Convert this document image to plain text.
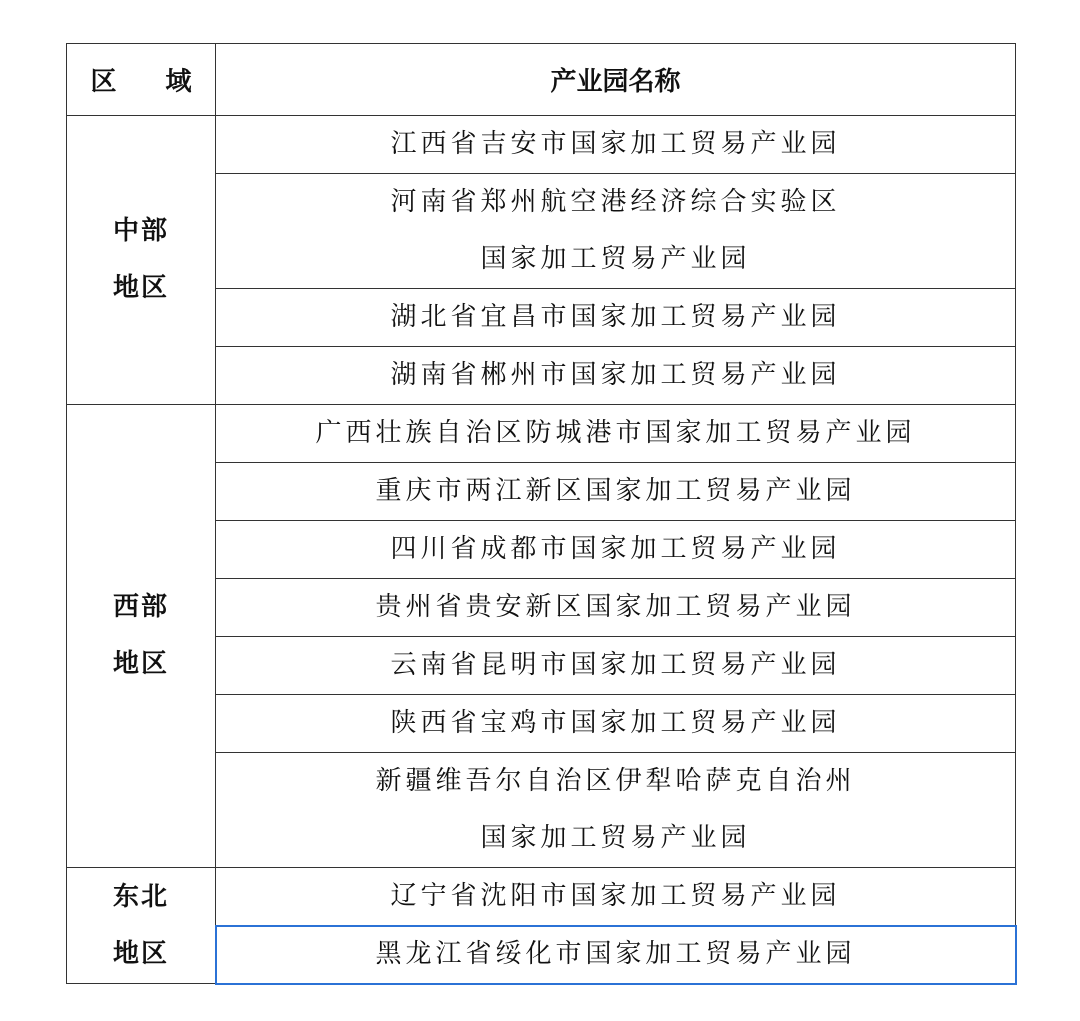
区 域	产业园名称

中部
地区	江西省吉安市国家加工贸易产业园

	河南省郑州航空港经济综合实验区
国家加工贸易产业园

	湖北省宜昌市国家加工贸易产业园

	湖南省郴州市国家加工贸易产业园

西部
地区	广西壮族自治区防城港市国家加工贸易产业园

	重庆市两江新区国家加工贸易产业园

	四川省成都市国家加工贸易产业园

	贵州省贵安新区国家加工贸易产业园

	云南省昆明市国家加工贸易产业园

	陕西省宝鸡市国家加工贸易产业园

	新疆维吾尔自治区伊犁哈萨克自治州
国家加工贸易产业园

东北
地区	辽宁省沈阳市国家加工贸易产业园

	黑龙江省绥化市国家加工贸易产业园
